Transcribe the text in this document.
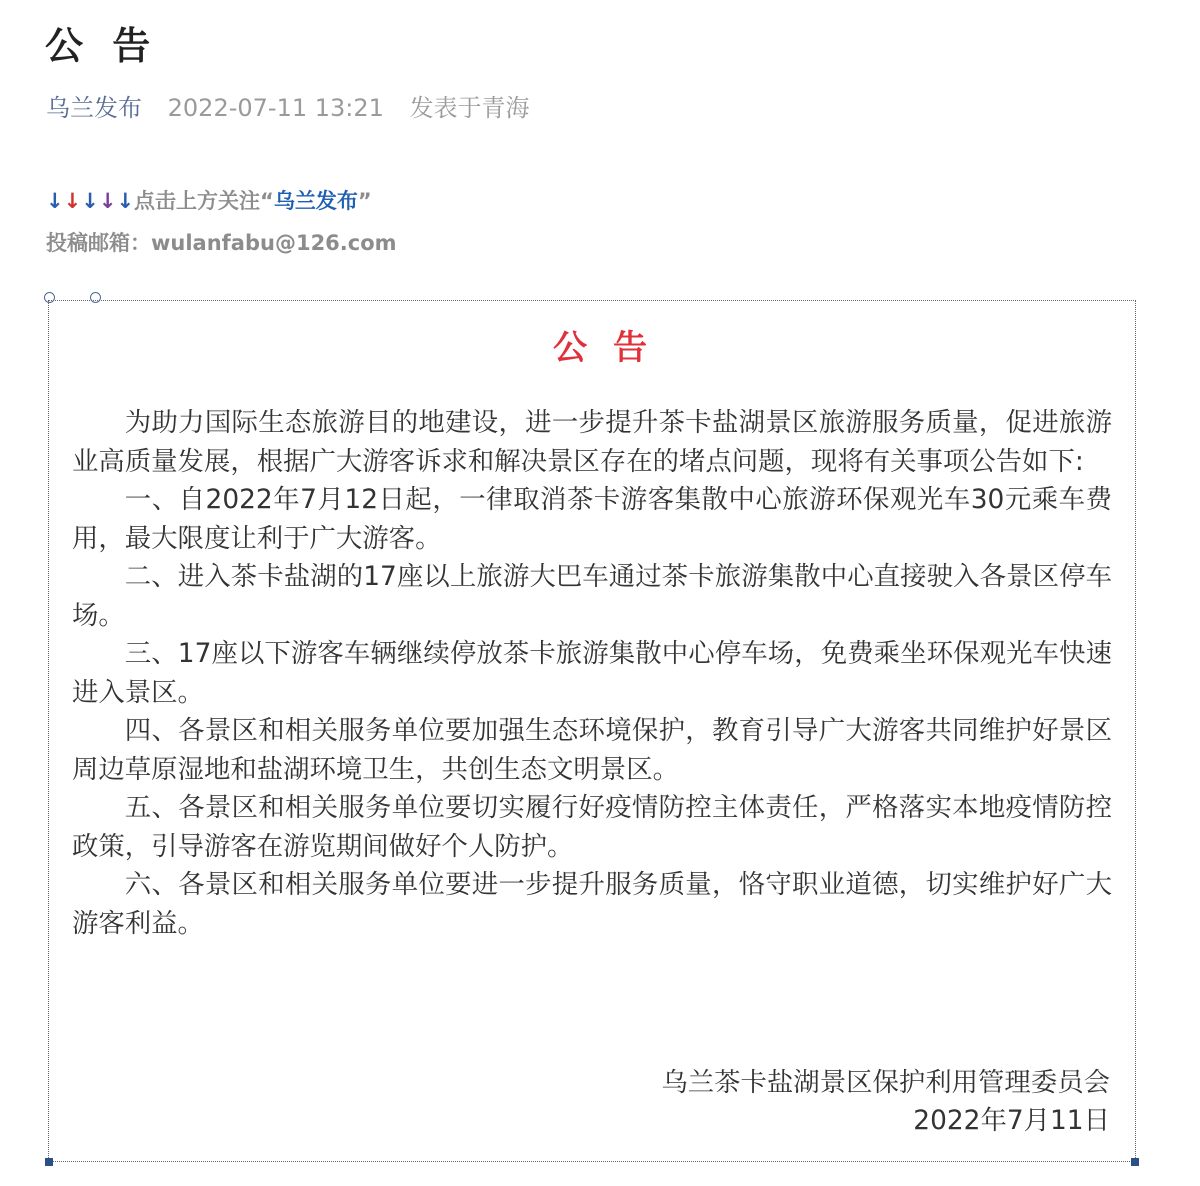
公 告
乌兰发布 2022-07-11 13:21 发表于青海
↓↓↓↓↓点击上方关注“乌兰发布”
投稿邮箱：wulanfabu@126.com
公告

为助力国际生态旅游目的地建设，进一步提升茶卡盐湖景区旅游服务质量，促进旅游业高质量发展，根据广大游客诉求和解决景区存在的堵点问题，现将有关事项公告如下:

一、自2022年7月12日起，一律取消茶卡游客集散中心旅游环保观光车30元乘车费用，最大限度让利于广大游客。

二、进入茶卡盐湖的17座以上旅游大巴车通过茶卡旅游集散中心直接驶入各景区停车场。

三、17座以下游客车辆继续停放茶卡旅游集散中心停车场，免费乘坐环保观光车快速进入景区。

四、各景区和相关服务单位要加强生态环境保护，教育引导广大游客共同维护好景区周边草原湿地和盐湖环境卫生，共创生态文明景区。

五、各景区和相关服务单位要切实履行好疫情防控主体责任，严格落实本地疫情防控政策，引导游客在游览期间做好个人防护。

六、各景区和相关服务单位要进一步提升服务质量，恪守职业道德，切实维护好广大游客利益。

乌兰茶卡盐湖景区保护利用管理委员会
2022年7月11日
